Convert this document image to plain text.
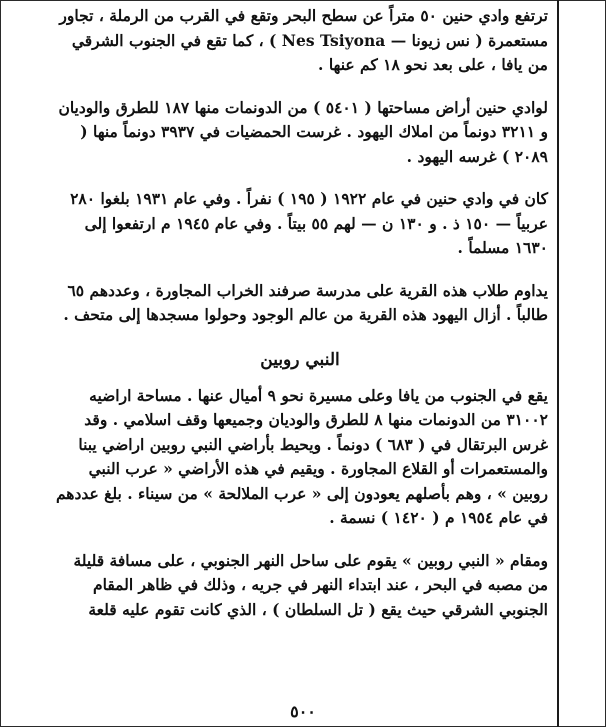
ترتفع وادي حنين ٥٠ متراً عن سطح البحر وتقع في القرب من الرملة ، تجاور مستعمرة ( نس زيونا — Nes Tsiyona ) ، كما تقع في الجنوب الشرقي من يافا ، على بعد نحو ١٨ كم عنها .

لوادي حنين أراض مساحتها ( ٥٤٠١ ) من الدونمات منها ١٨٧ للطرق والوديان و ٣٢١١ دونماً من املاك اليهود . غرست الحمضيات في ٣٩٣٧ دونماً منها ( ٢٠٨٩ ) غرسه اليهود .

كان في وادي حنين في عام ١٩٢٢ ( ١٩٥ ) نفراً . وفي عام ١٩٣١ بلغوا ٢٨٠ عربياً — ١٥٠ ذ . و ١٣٠ ن — لهم ٥٥ بيتاً . وفي عام ١٩٤٥ م ارتفعوا إلى ١٦٣٠ مسلماً .

يداوم طلاب هذه القرية على مدرسة صرفند الخراب المجاورة ، وعددهم ٦٥ طالباً . أزال اليهود هذه القرية من عالم الوجود وحولوا مسجدها إلى متحف .

النبي روبين

يقع في الجنوب من يافا وعلى مسيرة نحو ٩ أميال عنها . مساحة اراضيه ٣١٠٠٢ من الدونمات منها ٨ للطرق والوديان وجميعها وقف اسلامي . وقد غرس البرتقال في ( ٦٨٣ ) دونماً . ويحيط بأراضي النبي روبين اراضي يبنا والمستعمرات أو القلاع المجاورة . ويقيم في هذه الأراضي « عرب النبي روبين » ، وهم بأصلهم يعودون إلى « عرب الملالحة » من سيناء . بلغ عددهم في عام ١٩٥٤ م ( ١٤٢٠ ) نسمة .

ومقام « النبي روبين » يقوم على ساحل النهر الجنوبي ، على مسافة قليلة من مصبه في البحر ، عند ابتداء النهر في جريه ، وذلك في ظاهر المقام الجنوبي الشرقي حيث يقع ( تل السلطان ) ، الذي كانت تقوم عليه قلعة

٥٠٠
